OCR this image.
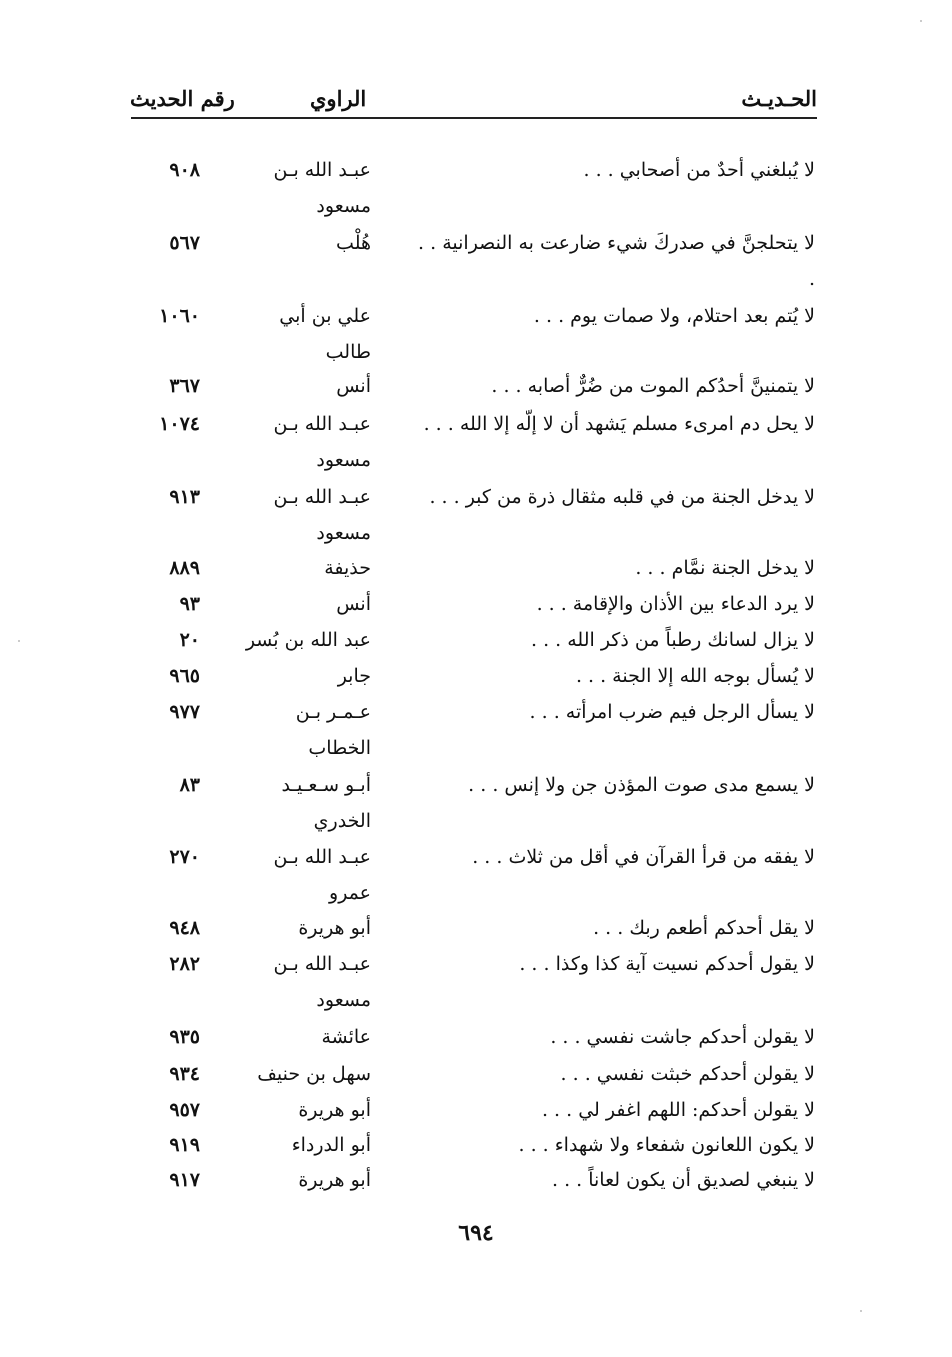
الحـديـث
الراوي
رقم الحديث
لا يُبلغني أحدٌ من أصحابي . . .
عبـد الله بـن مسعود
٩٠٨
لا يتحلجنَّ في صدركَ شيء ضارعت به النصرانية . . .
هُلْب
٥٦٧
لا يُتم بعد احتلام، ولا صمات يوم . . .
علي بن أبي طالب
١٠٦٠
لا يتمنينَّ أحدُكم الموت من ضُرٌّ أصابه . . .
أنس
٣٦٧
لا يحل دم امرىء مسلم يَشهد أن لا إلّه إلا الله . . .
عبـد الله بـن مسعود
١٠٧٤
لا يدخل الجنة من في قلبه مثقال ذرة من كبر . . .
عبـد الله بـن مسعود
٩١٣
لا يدخل الجنة نمَّام . . .
حذيفة
٨٨٩
لا يرد الدعاء بين الأذان والإقامة . . .
أنس
٩٣
لا يزال لسانك رطباً من ذكر الله . . .
عبد الله بن بُسر
٢٠
لا يُسأل بوجه الله إلا الجنة . . .
جابر
٩٦٥
لا يسأل الرجل فيم ضرب امرأته . . .
عـمـر بـن الخطاب
٩٧٧
لا يسمع مدى صوت المؤذن جن ولا إنس . . .
أبـو سـعـيـد الخدري
٨٣
لا يفقه من قرأ القرآن في أقل من ثلاث . . .
عبـد الله بـن عمرو
٢٧٠
لا يقل أحدكم أطعم ربك . . .
أبو هريرة
٩٤٨
لا يقول أحدكم نسيت آية كذا وكذا . . .
عبـد الله بـن مسعود
٢٨٢
لا يقولن أحدكم جاشت نفسي . . .
عائشة
٩٣٥
لا يقولن أحدكم خبثت نفسي . . .
سهل بن حنيف
٩٣٤
لا يقولن أحدكم: اللهم اغفر لي . . .
أبو هريرة
٩٥٧
لا يكون اللعانون شفعاء ولا شهداء . . .
أبو الدرداء
٩١٩
لا ينبغي لصديق أن يكون لعاناً . . .
أبو هريرة
٩١٧
٦٩٤
